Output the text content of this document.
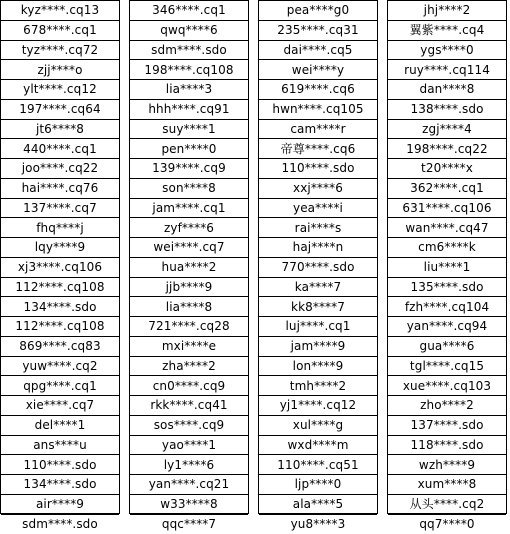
kyz****.cq13
678****.cq1
tyz****.cq72
zjj****o
ylt****.cq12
197****.cq64
jt6****8
440****.cq1
joo****.cq22
hai****.cq76
137****.cq7
fhq****j
lqy****9
xj3****.cq106
112****.cq108
134****.sdo
112****.cq108
869****.cq83
yuw****.cq2
qpg****.cq1
xie****.cq7
del****1
ans****u
110****.sdo
134****.sdo
air****9
sdm****.sdo
346****.cq1
qwq****6
sdm****.sdo
198****.cq108
lia****3
hhh****.cq91
suy****1
pen****0
139****.cq9
son****8
jam****.cq1
zyf****6
wei****.cq7
hua****2
jjb****9
lia****8
721****.cq28
mxi****e
zha****2
cn0****.cq9
rkk****.cq41
sos****.cq9
yao****1
ly1****6
yan****.cq21
w33****8
qqc****7
pea****g0
235****.cq31
dai****.cq5
wei****y
619****.cq6
hwn****.cq105
cam****r
帝尊****.cq6
110****.sdo
xxj****6
yea****i
rai****s
haj****n
770****.sdo
ka****7
kk8****7
luj****.cq1
jam****9
lon****9
tmh****2
yj1****.cq12
xul****g
wxd****m
110****.cq51
ljp****0
ala****5
yu8****3
jhj****2
翼紫****.cq4
ygs****0
ruy****.cq114
dan****8
138****.sdo
zgj****4
198****.cq22
t20****x
362****.cq1
631****.cq106
wan****.cq47
cm6****k
liu****1
135****.sdo
fzh****.cq104
yan****.cq94
gua****6
tgl****.cq15
xue****.cq103
zho****2
137****.sdo
118****.sdo
wzh****9
xum****8
从头****.cq2
qq7****0
